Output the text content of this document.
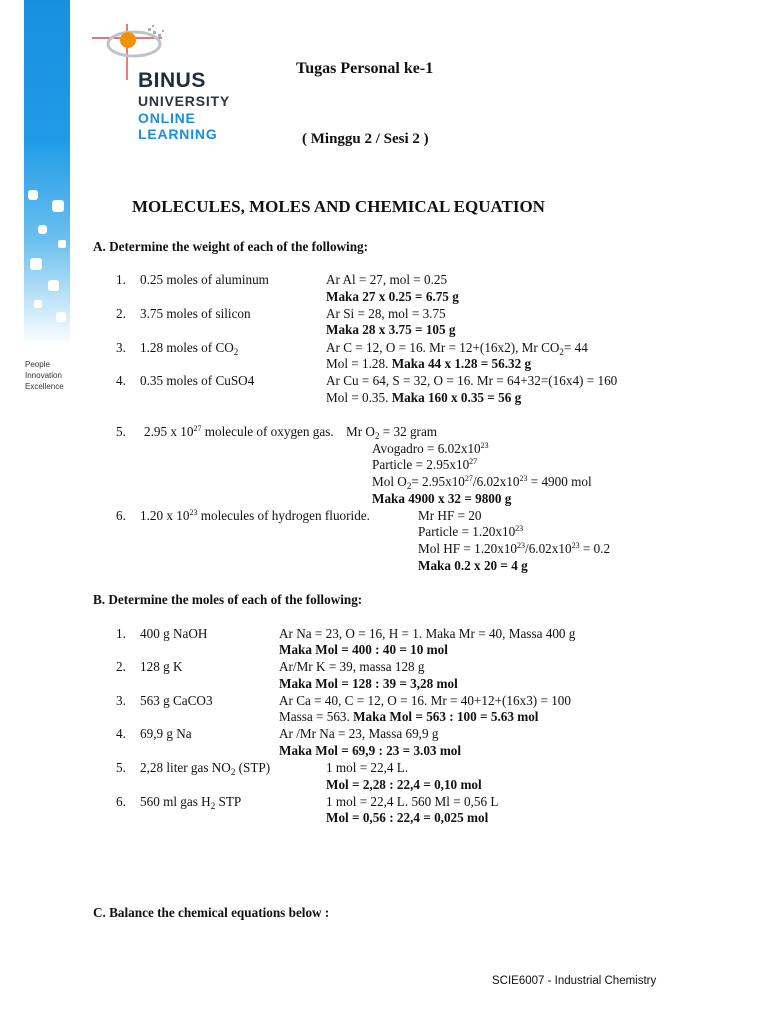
BINUS
UNIVERSITY
ONLINE
LEARNING
People
Innovation
Excellence
Tugas Personal ke-1
( Minggu 2 / Sesi 2 )
MOLECULES, MOLES AND CHEMICAL EQUATION
A. Determine the weight of each of the following:
1. 0.25 moles of aluminum	Ar Al = 27, mol = 0.25
Maka 27 x 0.25 = 6.75 g
2. 3.75 moles of silicon	Ar Si = 28, mol = 3.75
Maka 28 x 3.75 = 105 g
3. 1.28 moles of $CO_2$	Ar C = 12, O = 16. Mr = 12+(16x2), Mr $CO_2= 44$
Mol = 1.28. Maka 44 x 1.28 = 56.32 g
4. 0.35 moles of CuSO4	Ar Cu = 64, S = 32, O = 16. Mr = 64+32=(16x4) = 160
Mol = 0.35. Maka 160 x 0.35 = 56 g
5. 2.95 x $10^{27}$ molecule of oxygen gas. Mr $O_2 = 32$ gram
Avogadro = $6.02x10^{23}$
Particle = $2.95x10^{27}$
Mol $O_2= 2.95x10^{27}/6.02x10^{23} = 4900$ mol
Maka 4900 x 32 = 9800 g
6. 1.20 x $10^{23}$ molecules of hydrogen fluoride.	Mr HF = 20
Particle = $1.20x10^{23}$
Mol HF = $1.20x10^{23}/6.02x10^{23} = 0.2$
Maka 0.2 x 20 = 4 g
B. Determine the moles of each of the following:
1. 400 g NaOH	Ar Na = 23, O = 16, H = 1. Maka Mr = 40, Massa 400 g
Maka Mol = 400 : 40 = 10 mol
2. 128 g K	Ar/Mr K = 39, massa 128 g
Maka Mol = 128 : 39 = 3,28 mol
3. 563 g CaCO3	Ar Ca = 40, C = 12, O = 16. Mr = 40+12+(16x3) = 100
Massa = 563. Maka Mol = 563 : 100 = 5.63 mol
4. 69,9 g Na	Ar /Mr Na = 23, Massa 69,9 g
Maka Mol = 69,9 : 23 = 3.03 mol
5. 2,28 liter gas $NO_2$ (STP)	1 mol = 22,4 L.
Mol = 2,28 : 22,4 = 0,10 mol
6. 560 ml gas $H_2$ STP	1 mol = 22,4 L. 560 Ml = 0,56 L
Mol = 0,56 : 22,4 = 0,025 mol
C. Balance the chemical equations below :
SCIE6007 - Industrial Chemistry
